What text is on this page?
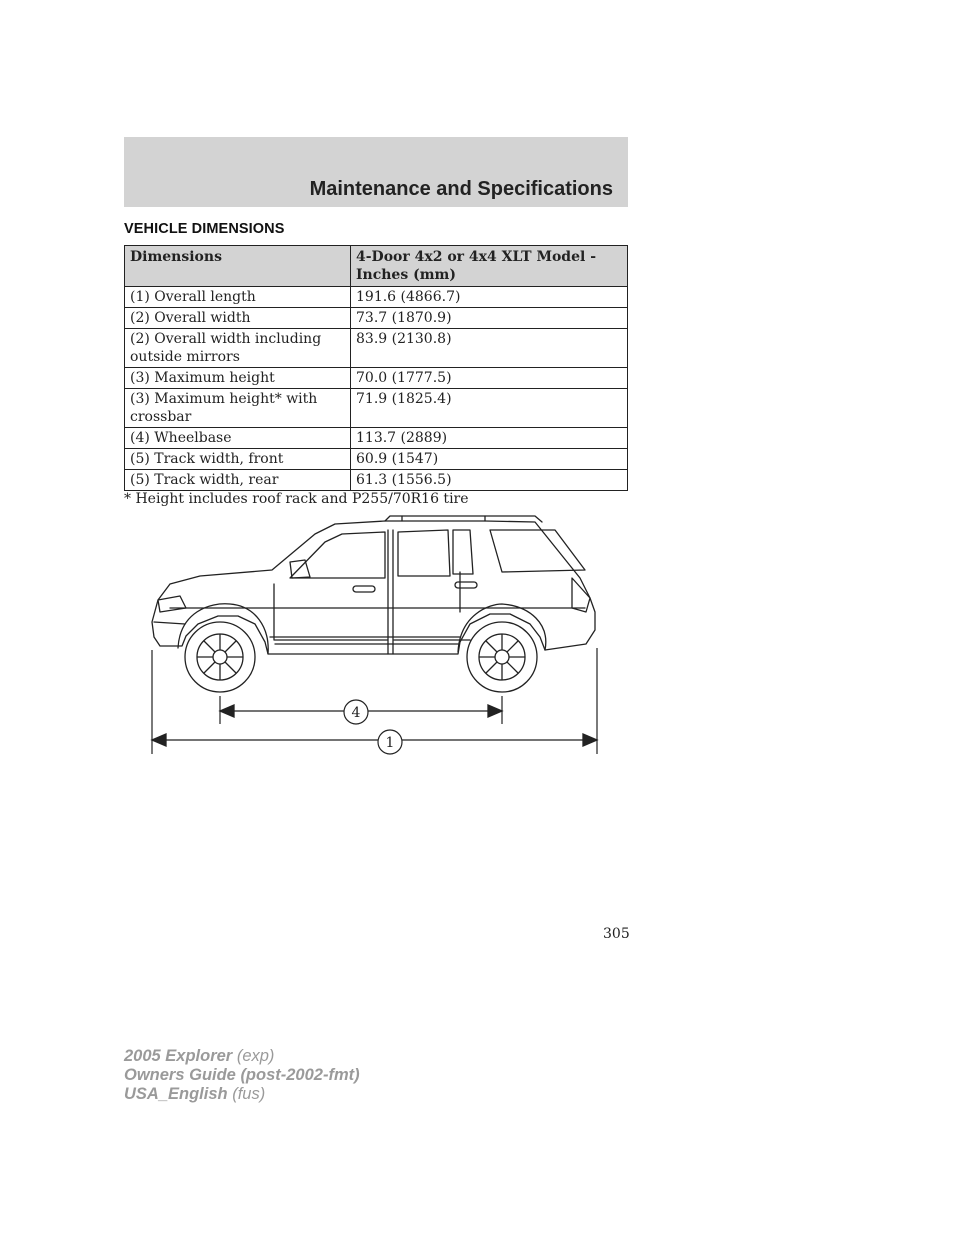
Maintenance and Specifications
VEHICLE DIMENSIONS
Dimensions	4-Door 4x2 or 4x4 XLT Model - Inches (mm)
(1) Overall length	191.6 (4866.7)
(2) Overall width	73.7 (1870.9)
(2) Overall width including outside mirrors	83.9 (2130.8)
(3) Maximum height	70.0 (1777.5)
(3) Maximum height* with crossbar	71.9 (1825.4)
(4) Wheelbase	113.7 (2889)
(5) Track width, front	60.9 (1547)
(5) Track width, rear	61.3 (1556.5)
* Height includes roof rack and P255/70R16 tire
4
1
305
2005 Explorer (exp)
Owners Guide (post-2002-fmt)
USA_English (fus)
